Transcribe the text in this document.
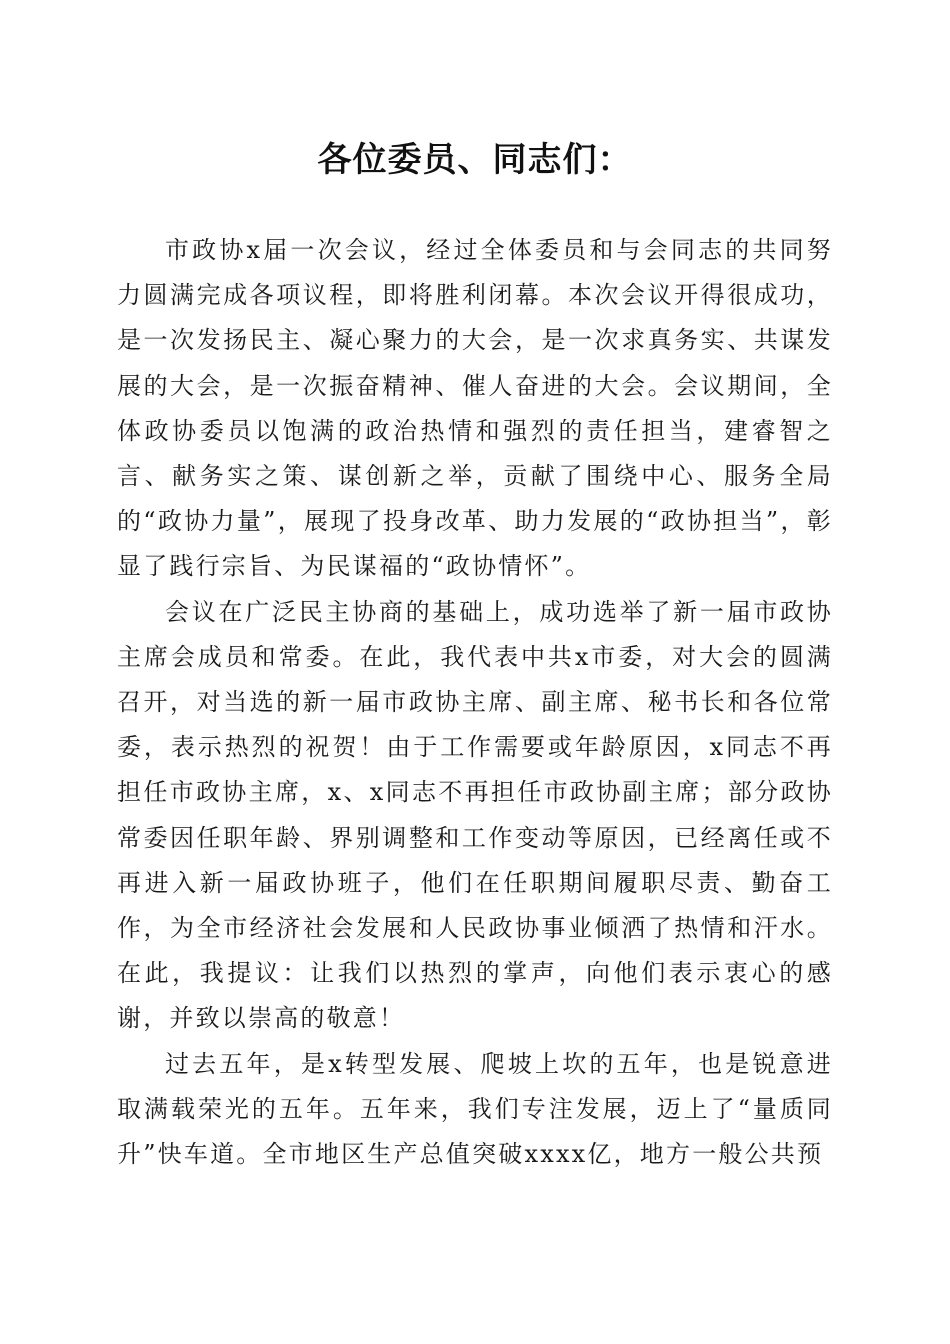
各位委员、同志们：

市政协x届一次会议，经过全体委员和与会同志的共同努力圆满完成各项议程，即将胜利闭幕。本次会议开得很成功，是一次发扬民主、凝心聚力的大会，是一次求真务实、共谋发展的大会，是一次振奋精神、催人奋进的大会。会议期间，全体政协委员以饱满的政治热情和强烈的责任担当，建睿智之言、献务实之策、谋创新之举，贡献了围绕中心、服务全局的“政协力量”，展现了投身改革、助力发展的“政协担当”，彰显了践行宗旨、为民谋福的“政协情怀”。

会议在广泛民主协商的基础上，成功选举了新一届市政协主席会成员和常委。在此，我代表中共x市委，对大会的圆满召开，对当选的新一届市政协主席、副主席、秘书长和各位常委，表示热烈的祝贺！由于工作需要或年龄原因，x同志不再担任市政协主席，x、x同志不再担任市政协副主席；部分政协常委因任职年龄、界别调整和工作变动等原因，已经离任或不再进入新一届政协班子，他们在任职期间履职尽责、勤奋工作，为全市经济社会发展和人民政协事业倾洒了热情和汗水。在此，我提议：让我们以热烈的掌声，向他们表示衷心的感谢，并致以崇高的敬意！

过去五年，是x转型发展、爬坡上坎的五年，也是锐意进取满载荣光的五年。五年来，我们专注发展，迈上了“量质同升”快车道。全市地区生产总值突破xxxx亿，地方一般公共预
